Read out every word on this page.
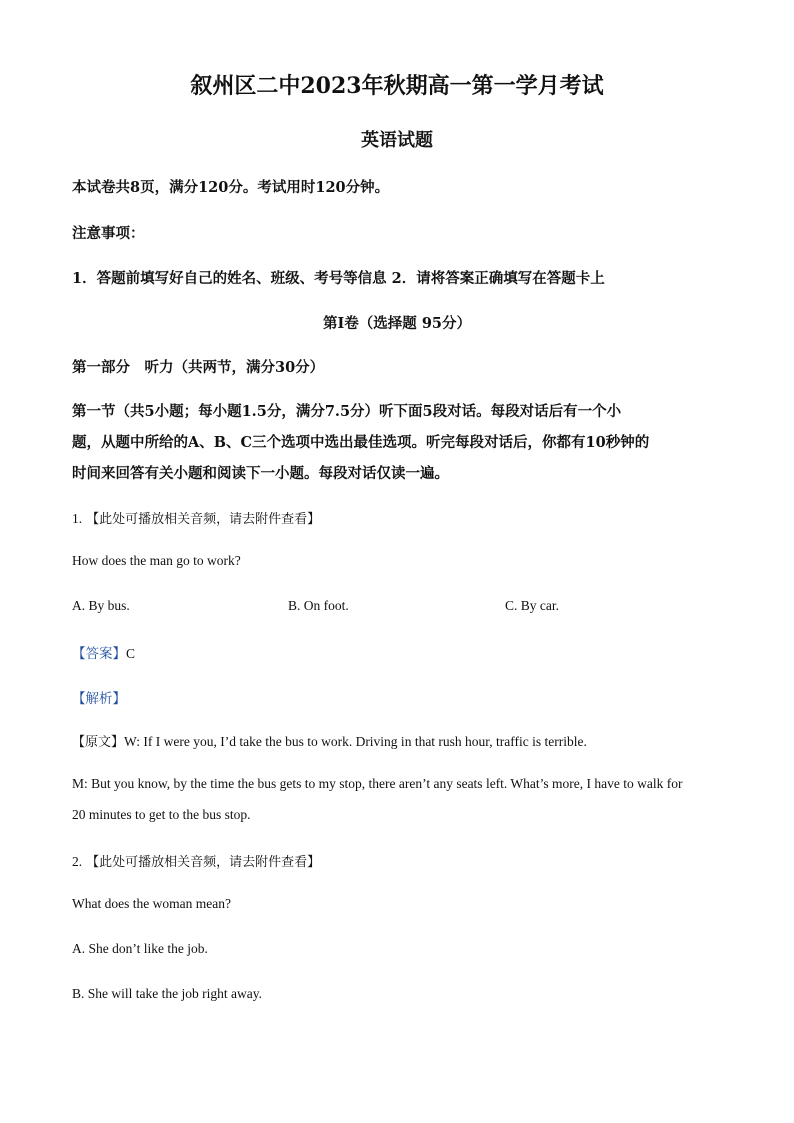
叙州区二中2023年秋期高一第一学月考试
英语试题
本试卷共8页，满分120分。考试用时120分钟。
注意事项：
1．答题前填写好自己的姓名、班级、考号等信息 2．请将答案正确填写在答题卡上
第I卷（选择题 95分）
第一部分　听力（共两节，满分30分）
第一节（共5小题；每小题1.5分，满分7.5分）听下面5段对话。每段对话后有一个小
题，从题中所给的A、B、C三个选项中选出最佳选项。听完每段对话后，你都有10秒钟的
时间来回答有关小题和阅读下一小题。每段对话仅读一遍。
1. 【此处可播放相关音频，请去附件查看】
How does the man go to work?
A. By bus.	B. On foot.	C. By car.
【答案】C
【解析】
【原文】W: If I were you, I’d take the bus to work. Driving in that rush hour, traffic is terrible.
M: But you know, by the time the bus gets to my stop, there aren’t any seats left. What’s more, I have to walk for
20 minutes to get to the bus stop.
2. 【此处可播放相关音频，请去附件查看】
What does the woman mean?
A. She don’t like the job.
B. She will take the job right away.
